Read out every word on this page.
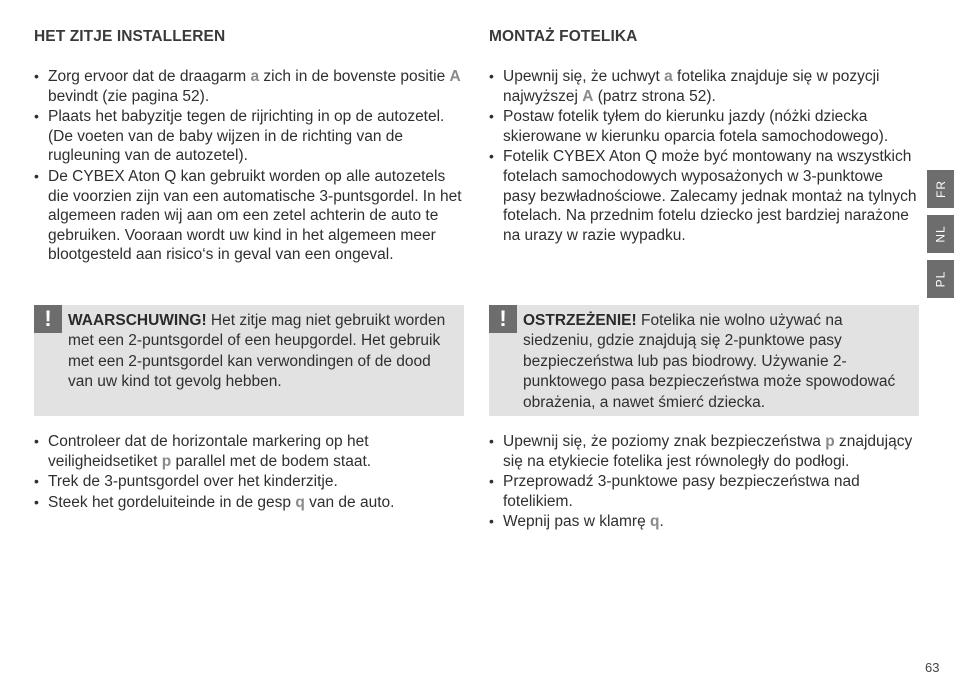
HET ZITJE INSTALLEREN
• Zorg ervoor dat de draagarm a zich in de bovenste positie A bevindt (zie pagina 52).
• Plaats het babyzitje tegen de rijrichting in op de autozetel. (De voeten van de baby wijzen in de richting van de rugleuning van de autozetel).
• De CYBEX Aton Q kan gebruikt worden op alle autozetels die voorzien zijn van een automatische 3-puntsgordel. In het algemeen raden wij aan om een zetel achterin de auto te gebruiken. Vooraan wordt uw kind in het algemeen meer blootgesteld aan risico‘s in geval van een ongeval.
!	WAARSCHUWING! Het zitje mag niet gebruikt worden met een 2-puntsgordel of een heupgordel. Het gebruik met een 2-puntsgordel kan verwondingen of de dood van uw kind tot gevolg hebben.

• Controleer dat de horizontale markering op het veiligheidsetiket p parallel met de bodem staat.
• Trek de 3-puntsgordel over het kinderzitje.
• Steek het gordeluiteinde in de gesp q van de auto.
MONTAŻ FOTELIKA
• Upewnij się, że uchwyt a fotelika znajduje się w pozycji najwyższej A (patrz strona 52).
• Postaw fotelik tyłem do kierunku jazdy (nóżki dziecka skierowane w kierunku oparcia fotela samochodowego).
• Fotelik CYBEX Aton Q może być montowany na wszystkich fotelach samochodowych wyposażonych w 3-punktowe pasy bezwładnościowe. Zalecamy jednak montaż na tylnych fotelach. Na przednim fotelu dziecko jest bardziej narażone na urazy w razie wypadku.
!	OSTRZEŻENIE! Fotelika nie wolno używać na siedzeniu, gdzie znajdują się 2-punktowe pasy bezpieczeństwa lub pas biodrowy. Używanie 2-punktowego pasa bezpieczeństwa może spowodować obrażenia, a nawet śmierć dziecka.

• Upewnij się, że poziomy znak bezpieczeństwa p znajdujący się na etykiecie fotelika jest równoległy do podłogi.
• Przeprowadź 3-punktowe pasy bezpieczeństwa nad fotelikiem.
• Wepnij pas w klamrę q.
FR
NL
PL
63
